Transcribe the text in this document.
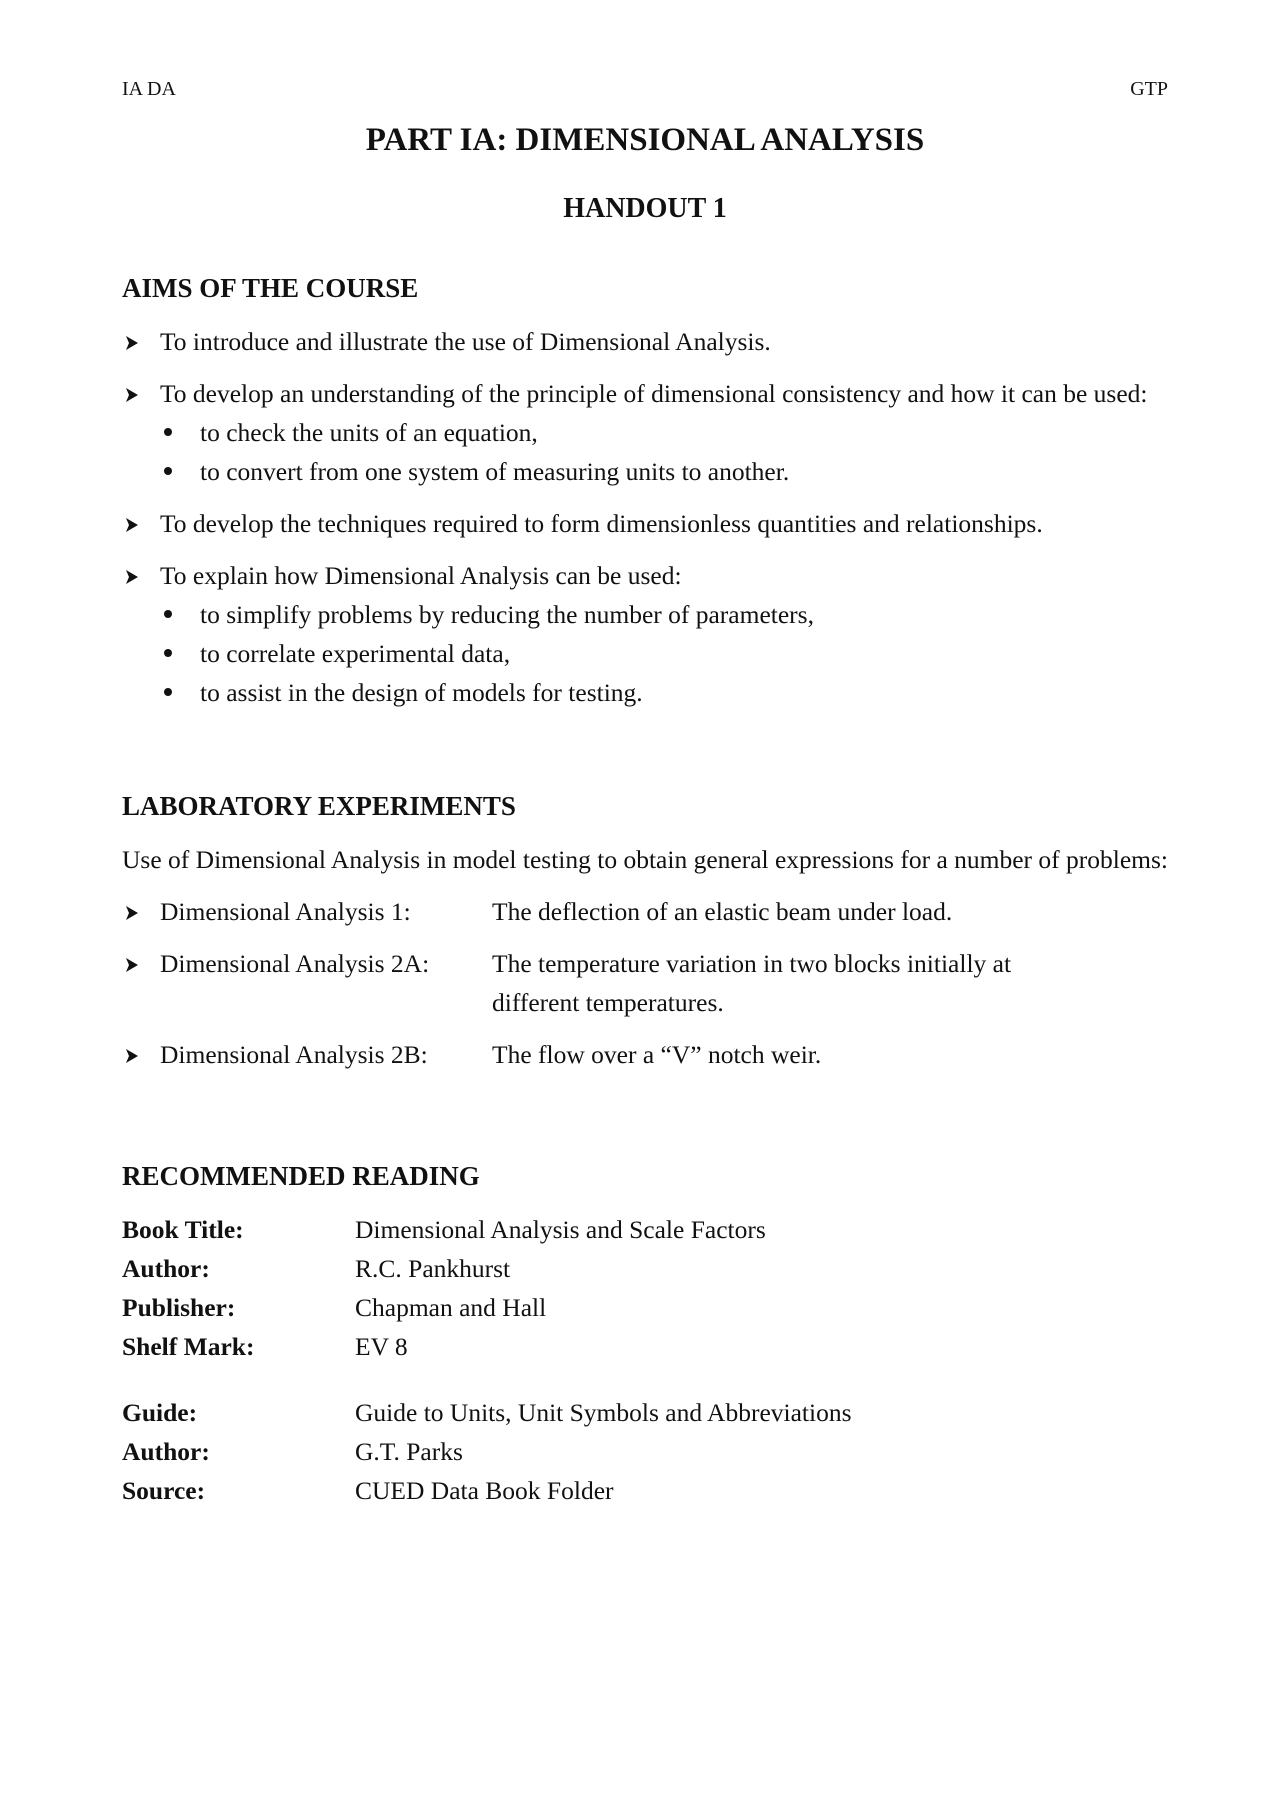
IA DA	GTP
PART IA: DIMENSIONAL ANALYSIS
HANDOUT 1
AIMS OF THE COURSE
To introduce and illustrate the use of Dimensional Analysis.
To develop an understanding of the principle of dimensional consistency and how it can be used:
to check the units of an equation,
to convert from one system of measuring units to another.
To develop the techniques required to form dimensionless quantities and relationships.
To explain how Dimensional Analysis can be used:
to simplify problems by reducing the number of parameters,
to correlate experimental data,
to assist in the design of models for testing.
LABORATORY EXPERIMENTS
Use of Dimensional Analysis in model testing to obtain general expressions for a number of problems:
Dimensional Analysis 1:	The deflection of an elastic beam under load.
Dimensional Analysis 2A:	The temperature variation in two blocks initially at different temperatures.
Dimensional Analysis 2B:	The flow over a “V” notch weir.
RECOMMENDED READING
Book Title:	Dimensional Analysis and Scale Factors
Author:	R.C. Pankhurst
Publisher:	Chapman and Hall
Shelf Mark:	EV 8
Guide:	Guide to Units, Unit Symbols and Abbreviations
Author:	G.T. Parks
Source:	CUED Data Book Folder
